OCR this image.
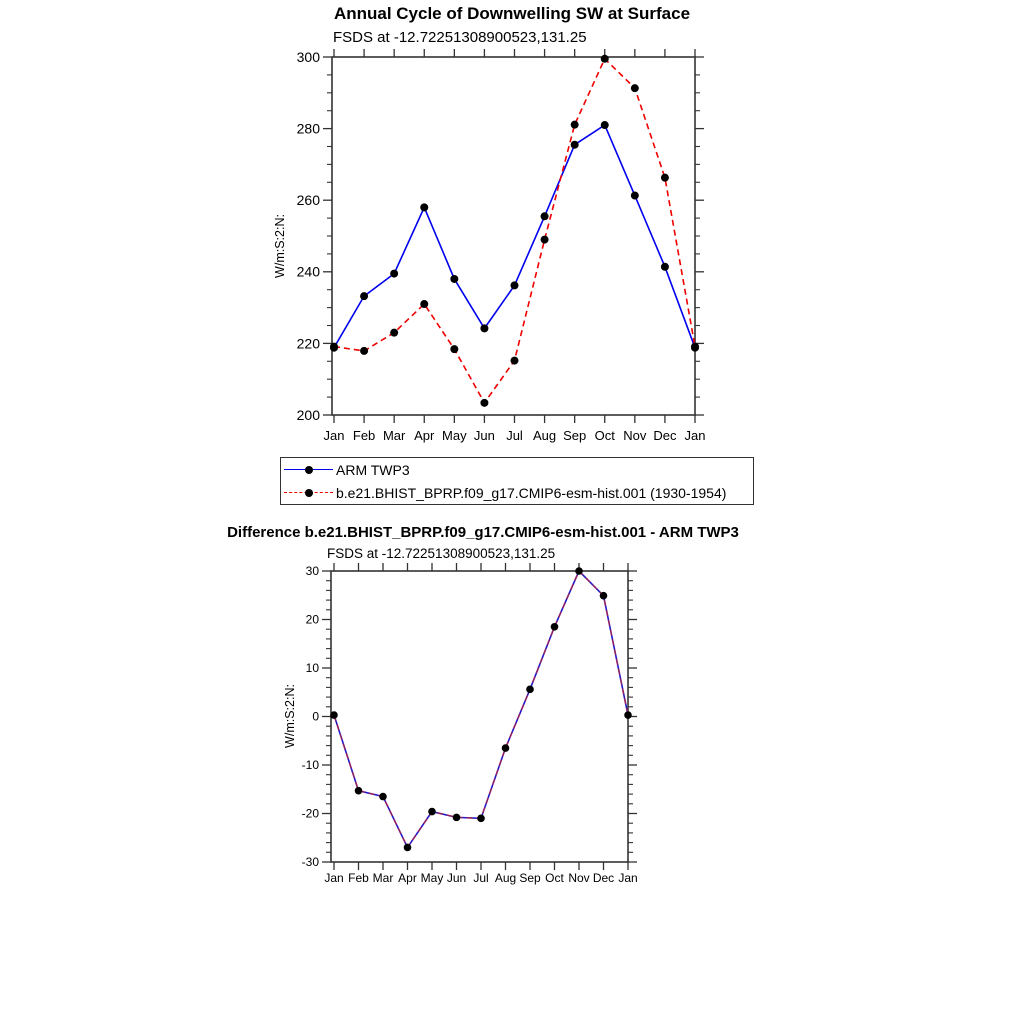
Annual Cycle of Downwelling SW at Surface
FSDS at -12.72251308900523,131.25
W/m:S:2:N:
Difference b.e21.BHIST_BPRP.f09_g17.CMIP6-esm-hist.001 - ARM TWP3
FSDS at -12.72251308900523,131.25
W/m:S:2:N:
200
220
240
260
280
300
Jan Feb Mar Apr May Jun Jul Aug Sep Oct Nov Dec Jan
-30
-20
-10
0
10
20
30
Jan Feb Mar Apr May Jun Jul Aug Sep Oct Nov Dec Jan
ARM TWP3
b.e21.BHIST_BPRP.f09_g17.CMIP6-esm-hist.001 (1930-1954)
